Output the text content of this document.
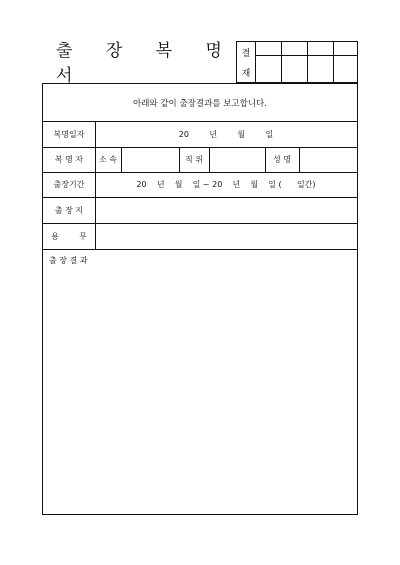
출 장 복 명 서
결
재
아래와 같이 출장결과를 보고합니다.
복명일자	20        년        월        일
복 명 자	소 속	직 위	성 명
출장기간	20    년    월    일 ~ 20    년    월    일 (      일간)
출 장 지
용        무
출 장 결 과
